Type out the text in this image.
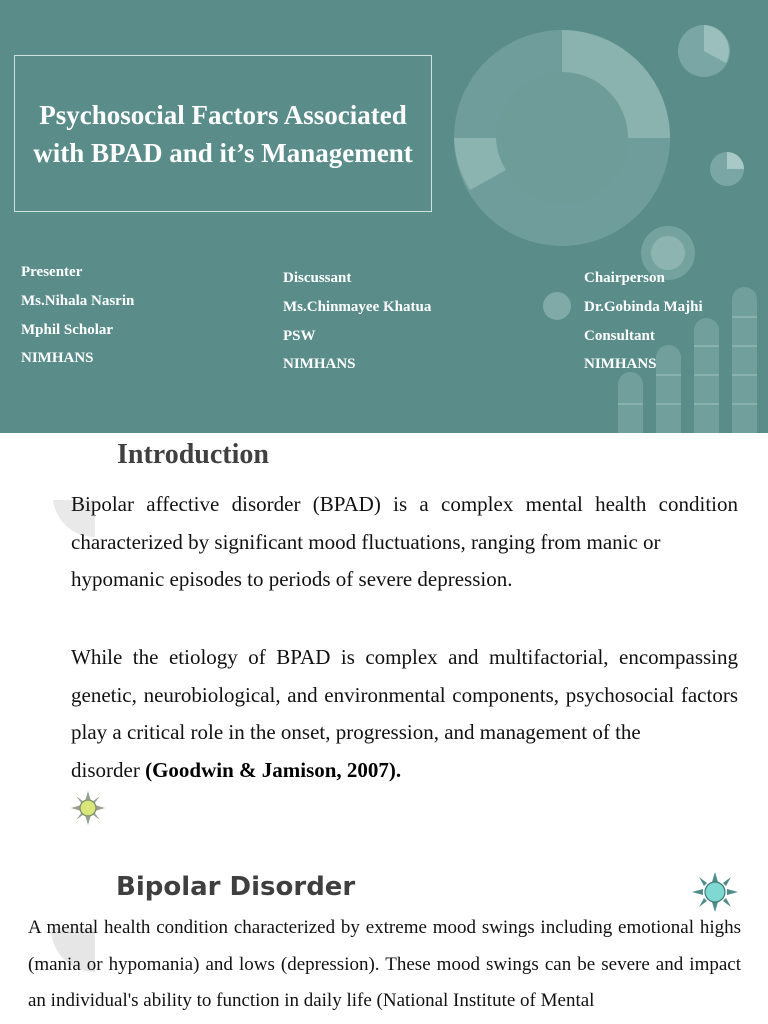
Psychosocial Factors Associated
with BPAD and it’s Management
Presenter
Ms.Nihala Nasrin
Mphil Scholar
NIMHANS
Discussant
Ms.Chinmayee Khatua
PSW
NIMHANS
Chairperson
Dr.Gobinda Majhi
Consultant
NIMHANS
Introduction

Bipolar affective disorder (BPAD) is a complex mental health condition characterized by significant mood fluctuations, ranging from manic or
hypomanic episodes to periods of severe depression.

While the etiology of BPAD is complex and multifactorial, encompassing genetic, neurobiological, and environmental components, psychosocial factors play a critical role in the onset, progression, and management of the
disorder (Goodwin & Jamison, 2007).

Bipolar Disorder

A mental health condition characterized by extreme mood swings including emotional highs (mania or hypomania) and lows (depression). These mood swings can be severe and impact an individual's ability to function in daily life (National Institute of Mental
